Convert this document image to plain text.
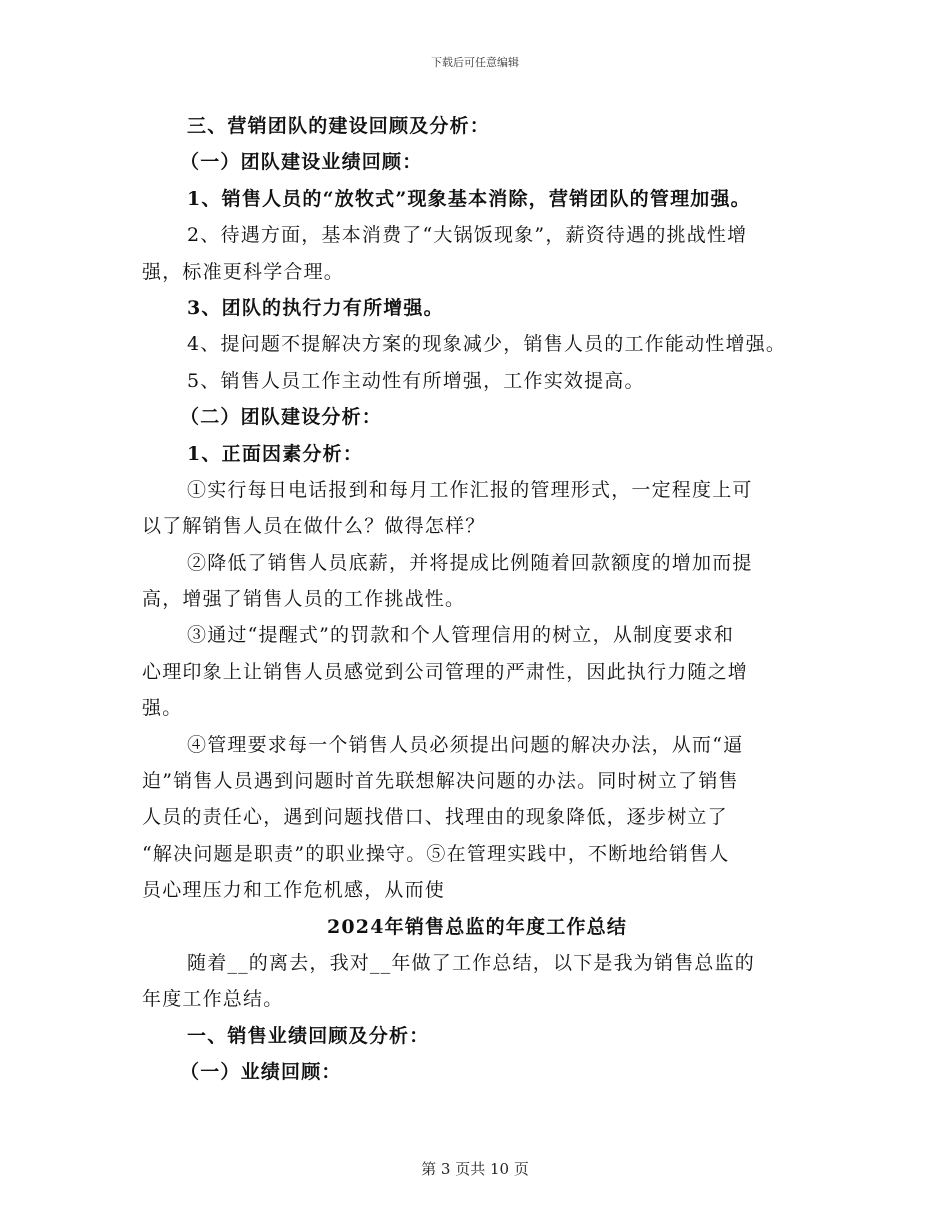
下载后可任意编辑
三、营销团队的建设回顾及分析：
（一）团队建设业绩回顾：
1、销售人员的“放牧式”现象基本消除，营销团队的管理加强。
2、待遇方面，基本消费了“大锅饭现象”，薪资待遇的挑战性增
强，标准更科学合理。
3、团队的执行力有所增强。
4、提问题不提解决方案的现象减少，销售人员的工作能动性增强。
5、销售人员工作主动性有所增强，工作实效提高。
（二）团队建设分析：
1、正面因素分析：
①实行每日电话报到和每月工作汇报的管理形式，一定程度上可
以了解销售人员在做什么？做得怎样？
②降低了销售人员底薪，并将提成比例随着回款额度的增加而提
高，增强了销售人员的工作挑战性。
③通过“提醒式”的罚款和个人管理信用的树立，从制度要求和
心理印象上让销售人员感觉到公司管理的严肃性，因此执行力随之增
强。
④管理要求每一个销售人员必须提出问题的解决办法，从而“逼
迫”销售人员遇到问题时首先联想解决问题的办法。同时树立了销售
人员的责任心，遇到问题找借口、找理由的现象降低，逐步树立了
“解决问题是职责”的职业操守。⑤在管理实践中，不断地给销售人
员心理压力和工作危机感，从而使
2024年销售总监的年度工作总结
随着__的离去，我对__年做了工作总结，以下是我为销售总监的
年度工作总结。
一、销售业绩回顾及分析：
（一）业绩回顾：
第 3 页共 10 页
